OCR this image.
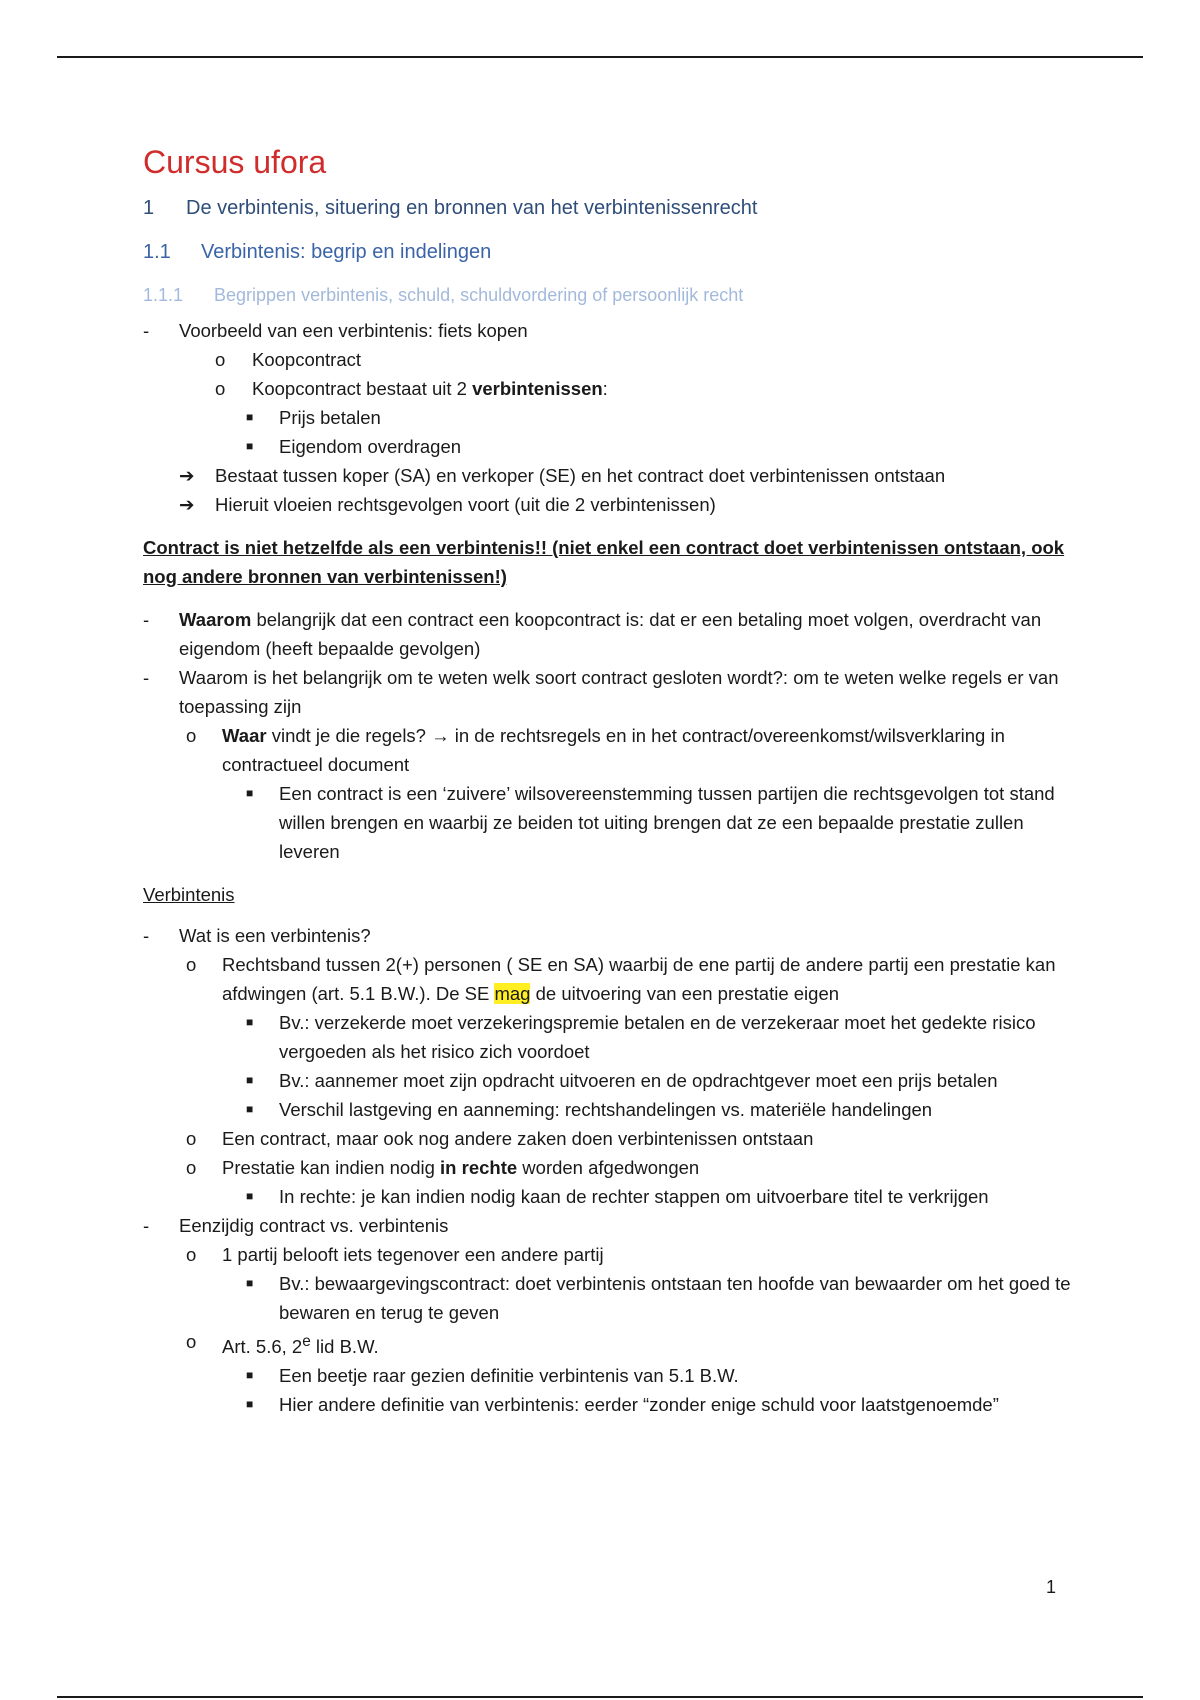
Cursus ufora
1 De verbintenis, situering en bronnen van het verbintenissenrecht
1.1 Verbintenis: begrip en indelingen
1.1.1 Begrippen verbintenis, schuld, schuldvordering of persoonlijk recht
- Voorbeeld van een verbintenis: fiets kopen
o Koopcontract
o Koopcontract bestaat uit 2 verbintenissen:
■ Prijs betalen
■ Eigendom overdragen
➔ Bestaat tussen koper (SA) en verkoper (SE) en het contract doet verbintenissen ontstaan
➔ Hieruit vloeien rechtsgevolgen voort (uit die 2 verbintenissen)
Contract is niet hetzelfde als een verbintenis!! (niet enkel een contract doet verbintenissen ontstaan, ook nog andere bronnen van verbintenissen!)
- Waarom belangrijk dat een contract een koopcontract is: dat er een betaling moet volgen, overdracht van eigendom (heeft bepaalde gevolgen)
- Waarom is het belangrijk om te weten welk soort contract gesloten wordt?: om te weten welke regels er van toepassing zijn
o Waar vindt je die regels? → in de rechtsregels en in het contract/overeenkomst/wilsverklaring in contractueel document
■ Een contract is een ‘zuivere’ wilsovereenstemming tussen partijen die rechtsgevolgen tot stand willen brengen en waarbij ze beiden tot uiting brengen dat ze een bepaalde prestatie zullen leveren
Verbintenis
- Wat is een verbintenis?
o Rechtsband tussen 2(+) personen ( SE en SA) waarbij de ene partij de andere partij een prestatie kan afdwingen (art. 5.1 B.W.). De SE mag de uitvoering van een prestatie eigen
■ Bv.: verzekerde moet verzekeringspremie betalen en de verzekeraar moet het gedekte risico vergoeden als het risico zich voordoet
■ Bv.: aannemer moet zijn opdracht uitvoeren en de opdrachtgever moet een prijs betalen
■ Verschil lastgeving en aanneming: rechtshandelingen vs. materiële handelingen
o Een contract, maar ook nog andere zaken doen verbintenissen ontstaan
o Prestatie kan indien nodig in rechte worden afgedwongen
■ In rechte: je kan indien nodig kaan de rechter stappen om uitvoerbare titel te verkrijgen
- Eenzijdig contract vs. verbintenis
o 1 partij belooft iets tegenover een andere partij
■ Bv.: bewaargevingscontract: doet verbintenis ontstaan ten hoofde van bewaarder om het goed te bewaren en terug te geven
o Art. 5.6, 2e lid B.W.
■ Een beetje raar gezien definitie verbintenis van 5.1 B.W.
■ Hier andere definitie van verbintenis: eerder “zonder enige schuld voor laatstgenoemde”
1
